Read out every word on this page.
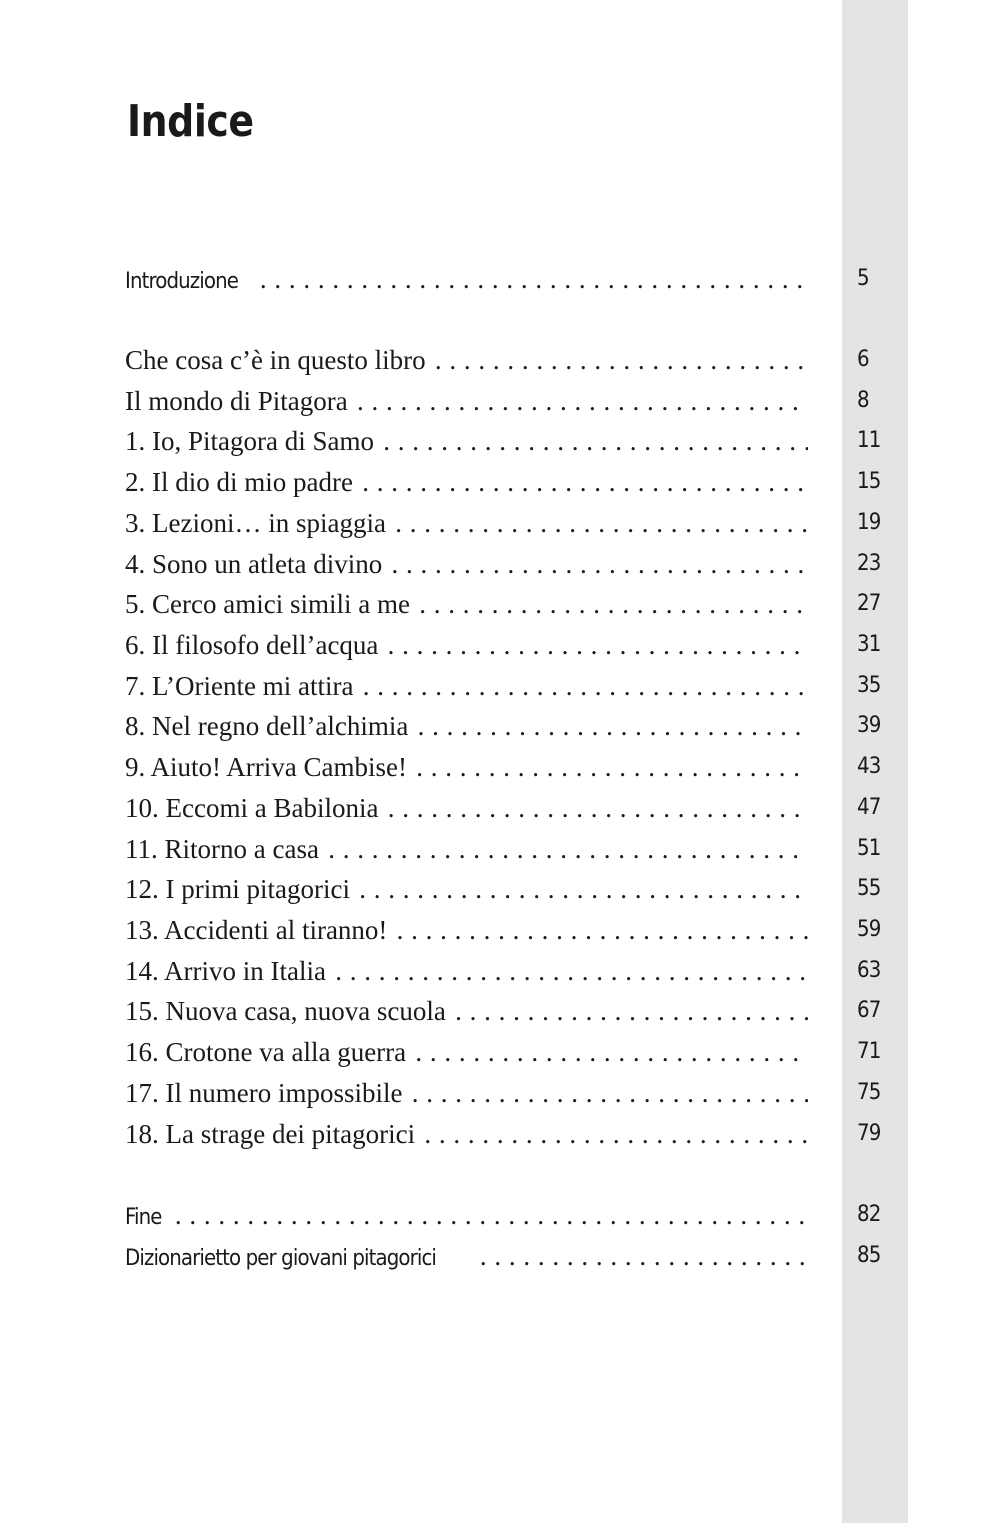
Indice
Introduzione . . .	5
Che cosa c’è in questo libro . . .	6
Il mondo di Pitagora . . .	8
1. Io, Pitagora di Samo . . .	11
2. Il dio di mio padre . . .	15
3. Lezioni… in spiaggia . . .	19
4. Sono un atleta divino . . .	23
5. Cerco amici simili a me . . .	27
6. Il filosofo dell’acqua . . .	31
7. L’Oriente mi attira . . .	35
8. Nel regno dell’alchimia . . .	39
9. Aiuto! Arriva Cambise! . . .	43
10. Eccomi a Babilonia . . .	47
11. Ritorno a casa . . .	51
12. I primi pitagorici . . .	55
13. Accidenti al tiranno! . . .	59
14. Arrivo in Italia . . .	63
15. Nuova casa, nuova scuola . . .	67
16. Crotone va alla guerra . . .	71
17. Il numero impossibile . . .	75
18. La strage dei pitagorici . . .	79
Fine . . .	82
Dizionarietto per giovani pitagorici . . .	85
